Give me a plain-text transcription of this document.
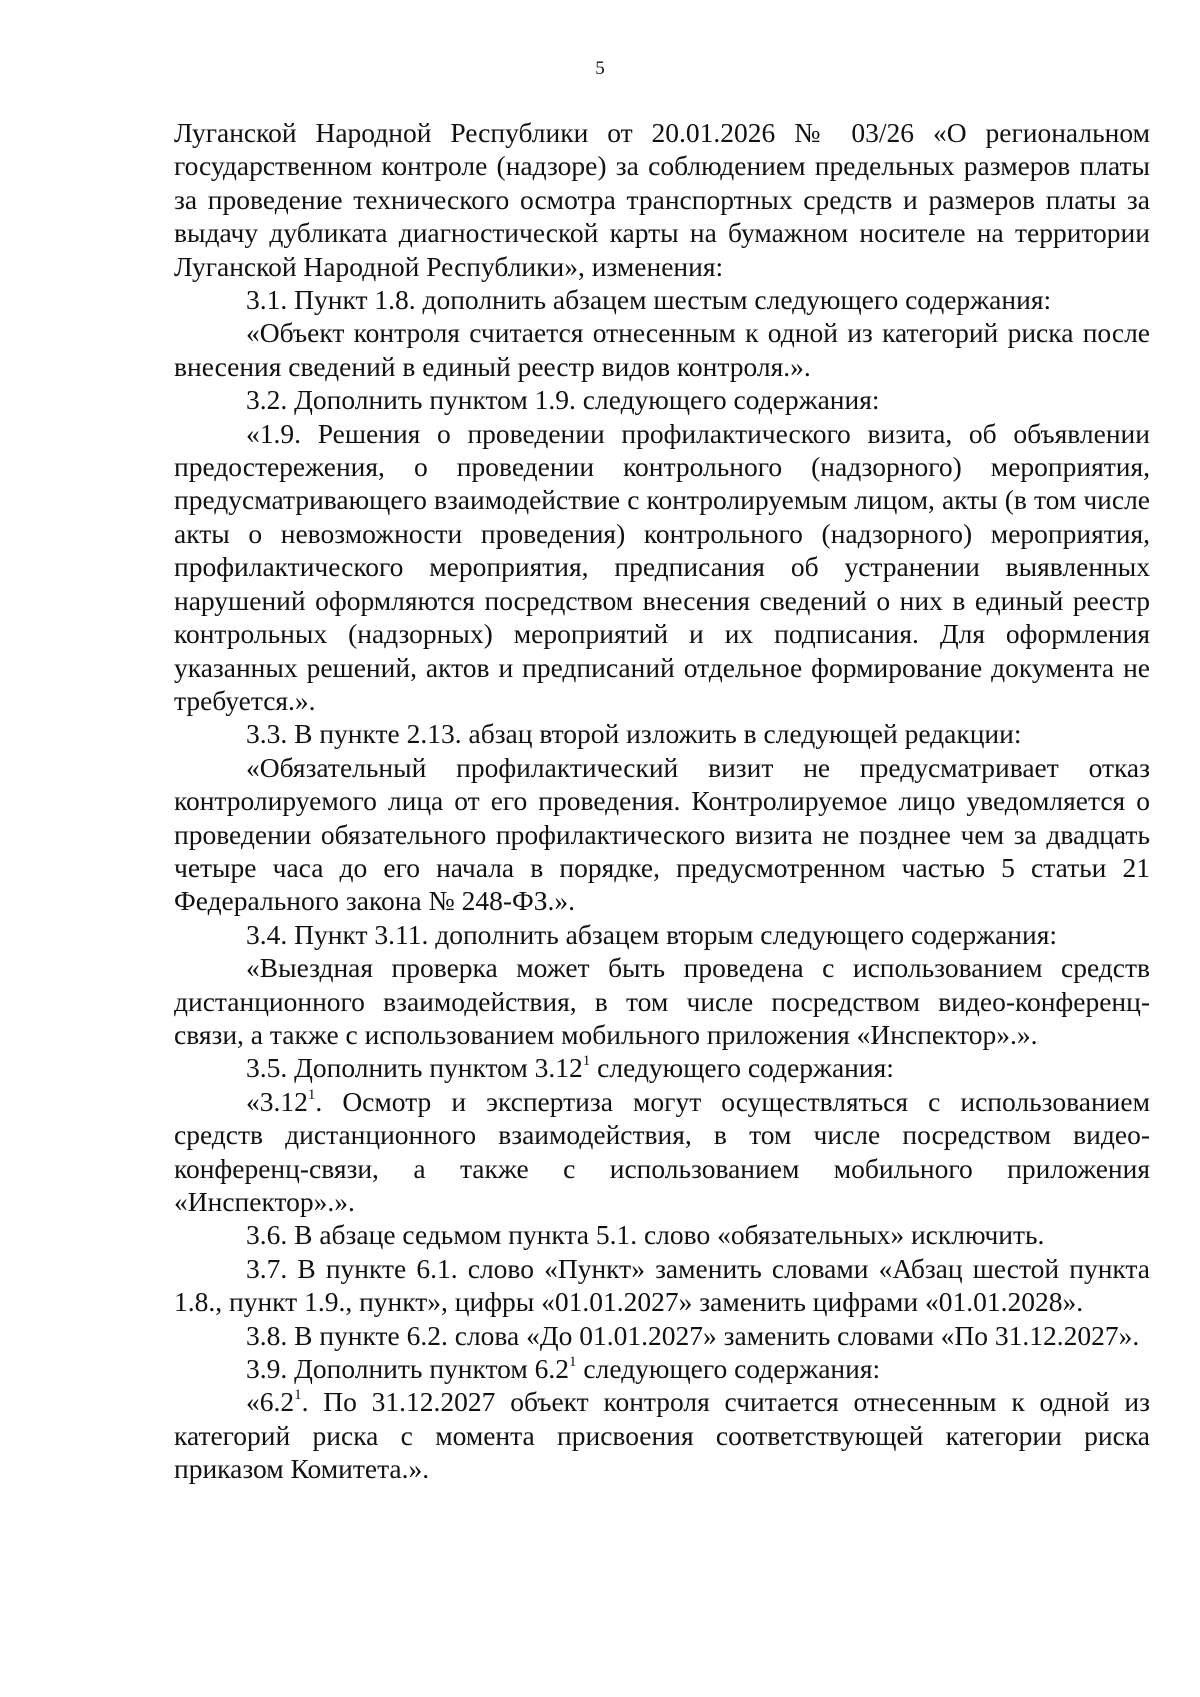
5

Луганской Народной Республики от 20.01.2026 № 03/26 «О региональном государственном контроле (надзоре) за соблюдением предельных размеров платы за проведение технического осмотра транспортных средств и размеров платы за выдачу дубликата диагностической карты на бумажном носителе на территории Луганской Народной Республики», изменения:

3.1. Пункт 1.8. дополнить абзацем шестым следующего содержания:

«Объект контроля считается отнесенным к одной из категорий риска после внесения сведений в единый реестр видов контроля.».

3.2. Дополнить пунктом 1.9. следующего содержания:

«1.9. Решения о проведении профилактического визита, об объявлении предостережения, о проведении контрольного (надзорного) мероприятия, предусматривающего взаимодействие с контролируемым лицом, акты (в том числе акты о невозможности проведения) контрольного (надзорного) мероприятия, профилактического мероприятия, предписания об устранении выявленных нарушений оформляются посредством внесения сведений о них в единый реестр контрольных (надзорных) мероприятий и их подписания. Для оформления указанных решений, актов и предписаний отдельное формирование документа не требуется.».

3.3. В пункте 2.13. абзац второй изложить в следующей редакции:

«Обязательный профилактический визит не предусматривает отказ контролируемого лица от его проведения. Контролируемое лицо уведомляется о проведении обязательного профилактического визита не позднее чем за двадцать четыре часа до его начала в порядке, предусмотренном частью 5 статьи 21 Федерального закона № 248-ФЗ.».

3.4. Пункт 3.11. дополнить абзацем вторым следующего содержания:

«Выездная проверка может быть проведена с использованием средств дистанционного взаимодействия, в том числе посредством видео-конференц-связи, а также с использованием мобильного приложения «Инспектор».».

3.5. Дополнить пунктом 3.12$^1$ следующего содержания:

«3.12$^1$. Осмотр и экспертиза могут осуществляться с использованием средств дистанционного взаимодействия, в том числе посредством видео-конференц-связи, а также с использованием мобильного приложения «Инспектор».».

3.6. В абзаце седьмом пункта 5.1. слово «обязательных» исключить.

3.7. В пункте 6.1. слово «Пункт» заменить словами «Абзац шестой пункта 1.8., пункт 1.9., пункт», цифры «01.01.2027» заменить цифрами «01.01.2028».

3.8. В пункте 6.2. слова «До 01.01.2027» заменить словами «По 31.12.2027».

3.9. Дополнить пунктом $6.2^1$ следующего содержания:

«$6.2^1$. По 31.12.2027 объект контроля считается отнесенным к одной из категорий риска с момента присвоения соответствующей категории риска приказом Комитета.».
